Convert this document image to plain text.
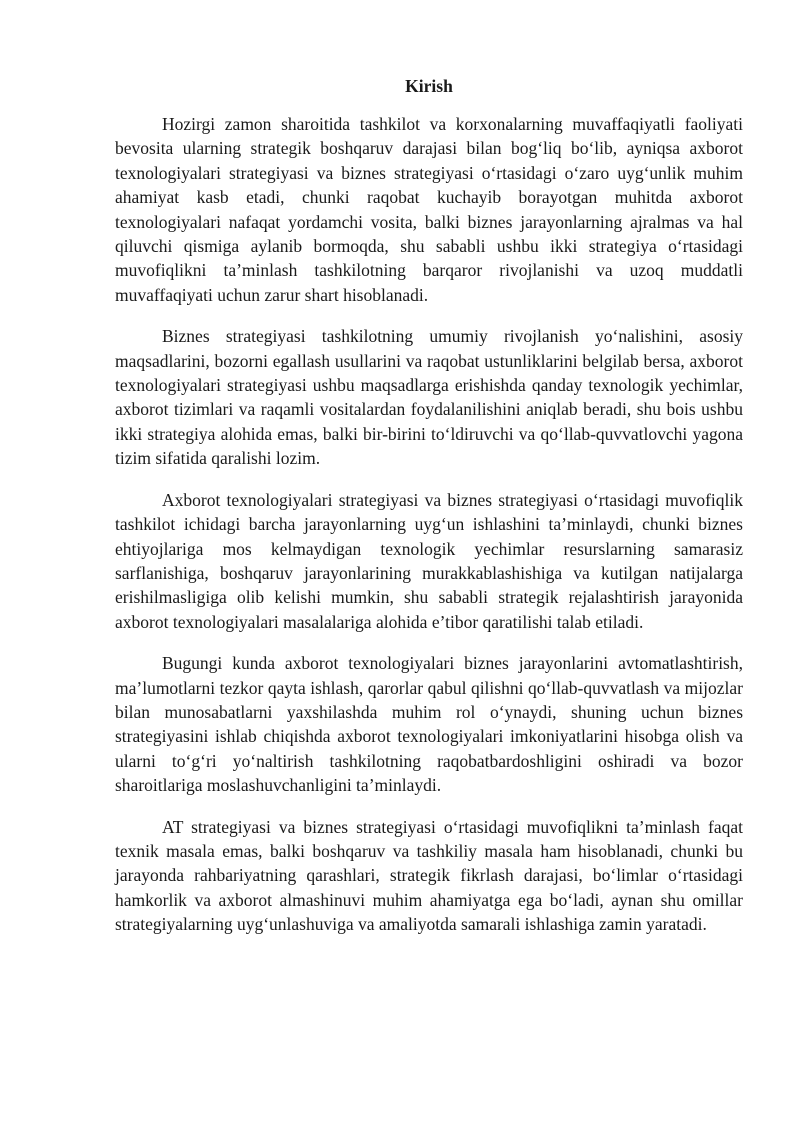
Kirish

Hozirgi zamon sharoitida tashkilot va korxonalarning muvaffaqiyatli faoliyati bevosita ularning strategik boshqaruv darajasi bilan bog‘liq bo‘lib, ayniqsa axborot texnologiyalari strategiyasi va biznes strategiyasi o‘rtasidagi o‘zaro uyg‘unlik muhim ahamiyat kasb etadi, chunki raqobat kuchayib borayotgan muhitda axborot texnologiyalari nafaqat yordamchi vosita, balki biznes jarayonlarning ajralmas va hal qiluvchi qismiga aylanib bormoqda, shu sababli ushbu ikki strategiya o‘rtasidagi muvofiqlikni ta’minlash tashkilotning barqaror rivojlanishi va uzoq muddatli muvaffaqiyati uchun zarur shart hisoblanadi.

Biznes strategiyasi tashkilotning umumiy rivojlanish yo‘nalishini, asosiy maqsadlarini, bozorni egallash usullarini va raqobat ustunliklarini belgilab bersa, axborot texnologiyalari strategiyasi ushbu maqsadlarga erishishda qanday texnologik yechimlar, axborot tizimlari va raqamli vositalardan foydalanilishini aniqlab beradi, shu bois ushbu ikki strategiya alohida emas, balki bir-birini to‘ldiruvchi va qo‘llab-quvvatlovchi yagona tizim sifatida qaralishi lozim.

Axborot texnologiyalari strategiyasi va biznes strategiyasi o‘rtasidagi muvofiqlik tashkilot ichidagi barcha jarayonlarning uyg‘un ishlashini ta’minlaydi, chunki biznes ehtiyojlariga mos kelmaydigan texnologik yechimlar resurslarning samarasiz sarflanishiga, boshqaruv jarayonlarining murakkablashishiga va kutilgan natijalarga erishilmasligiga olib kelishi mumkin, shu sababli strategik rejalashtirish jarayonida axborot texnologiyalari masalalariga alohida e’tibor qaratilishi talab etiladi.

Bugungi kunda axborot texnologiyalari biznes jarayonlarini avtomatlashtirish, ma’lumotlarni tezkor qayta ishlash, qarorlar qabul qilishni qo‘llab-quvvatlash va mijozlar bilan munosabatlarni yaxshilashda muhim rol o‘ynaydi, shuning uchun biznes strategiyasini ishlab chiqishda axborot texnologiyalari imkoniyatlarini hisobga olish va ularni to‘g‘ri yo‘naltirish tashkilotning raqobatbardoshligini oshiradi va bozor sharoitlariga moslashuvchanligini ta’minlaydi.

AT strategiyasi va biznes strategiyasi o‘rtasidagi muvofiqlikni ta’minlash faqat texnik masala emas, balki boshqaruv va tashkiliy masala ham hisoblanadi, chunki bu jarayonda rahbariyatning qarashlari, strategik fikrlash darajasi, bo‘limlar o‘rtasidagi hamkorlik va axborot almashinuvi muhim ahamiyatga ega bo‘ladi, aynan shu omillar strategiyalarning uyg‘unlashuviga va amaliyotda samarali ishlashiga zamin yaratadi.
